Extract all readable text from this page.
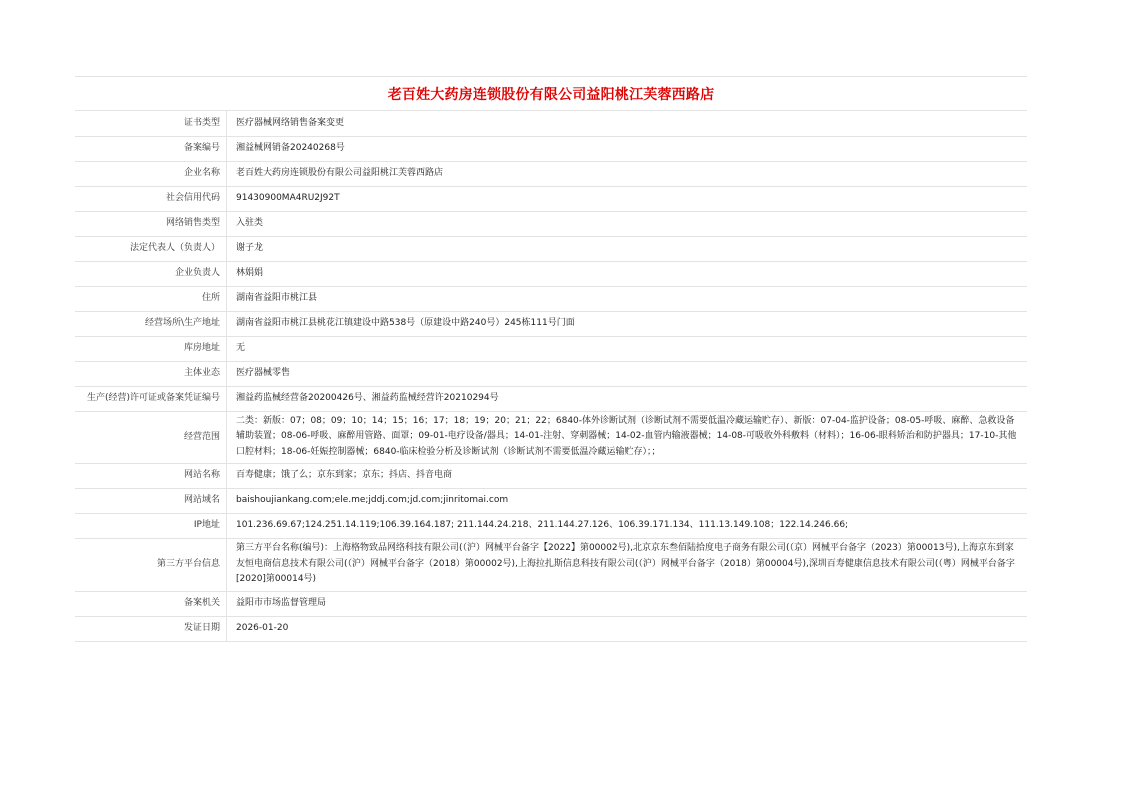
老百姓大药房连锁股份有限公司益阳桃江芙蓉西路店
证书类型	医疗器械网络销售备案变更
备案编号	湘益械网销备20240268号
企业名称	老百姓大药房连锁股份有限公司益阳桃江芙蓉西路店
社会信用代码	91430900MA4RU2J92T
网络销售类型	入驻类
法定代表人（负责人）	谢子龙
企业负责人	林娟娟
住所	湖南省益阳市桃江县
经营场所\生产地址	湖南省益阳市桃江县桃花江镇建设中路538号（原建设中路240号）245栋111号门面
库房地址	无
主体业态	医疗器械零售
生产(经营)许可证或备案凭证编号	湘益药监械经营备20200426号、湘益药监械经营许20210294号
经营范围	二类：新版：07；08；09；10；14；15；16；17；18；19；20；21；22；6840-体外诊断试剂（诊断试剂不需要低温冷藏运输贮存）、新版：07-04-监护设备；08-05-呼吸、麻醉、急救设备辅助装置；08-06-呼吸、麻醉用管路、面罩；09-01-电疗设备/器具；14-01-注射、穿刺器械；14-02-血管内输液器械；14-08-可吸收外科敷料（材料）；16-06-眼科矫治和防护器具；17-10-其他口腔材料；18-06-妊娠控制器械；6840-临床检验分析及诊断试剂（诊断试剂不需要低温冷藏运输贮存）；；
网站名称	百寿健康；饿了么；京东到家；京东；抖店、抖音电商
网站域名	baishoujiankang.com;ele.me;jddj.com;jd.com;jinritomai.com
IP地址	101.236.69.67;124.251.14.119;106.39.164.187; 211.144.24.218、211.144.27.126、106.39.171.134、111.13.149.108；122.14.246.66;
第三方平台信息	第三方平台名称(编号)：上海格物致品网络科技有限公司(（沪）网械平台备字【2022】第00002号),北京京东叁佰陆拾度电子商务有限公司(（京）网械平台备字（2023）第00013号),上海京东到家友恒电商信息技术有限公司(（沪）网械平台备字（2018）第00002号),上海拉扎斯信息科技有限公司(（沪）网械平台备字（2018）第00004号),深圳百寿健康信息技术有限公司(（粤）网械平台备字[2020]第00014号)
备案机关	益阳市市场监督管理局
发证日期	2026-01-20
